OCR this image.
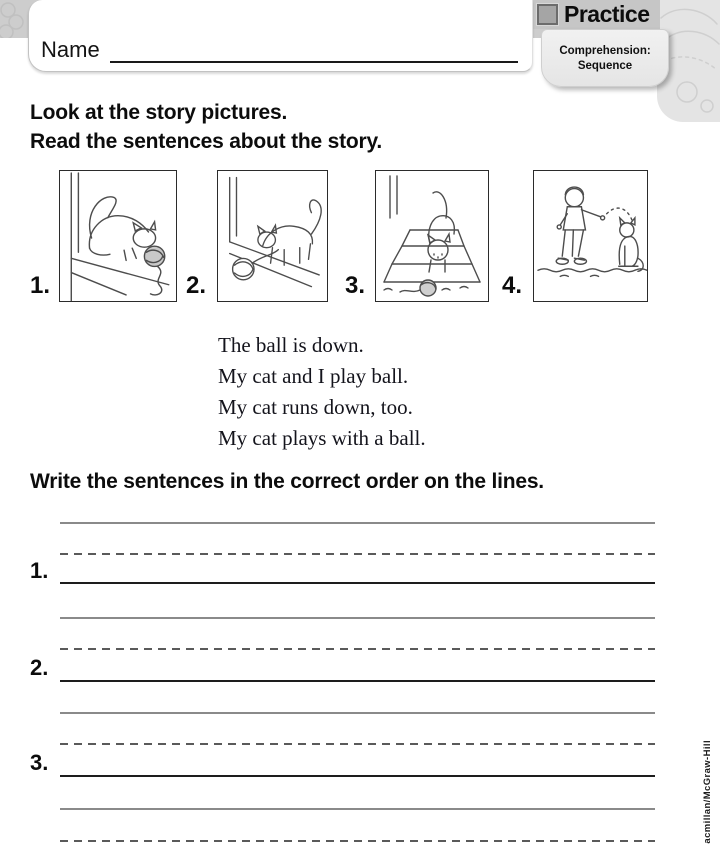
Practice
Comprehension:
Sequence
Name
Look at the story pictures.
Read the sentences about the story.
1.	2.	3.	4.
The ball is down.
My cat and I play ball.
My cat runs down, too.
My cat plays with a ball.
Write the sentences in the correct order on the lines.
1.
2.
3.	acmillan/McGraw-Hill
